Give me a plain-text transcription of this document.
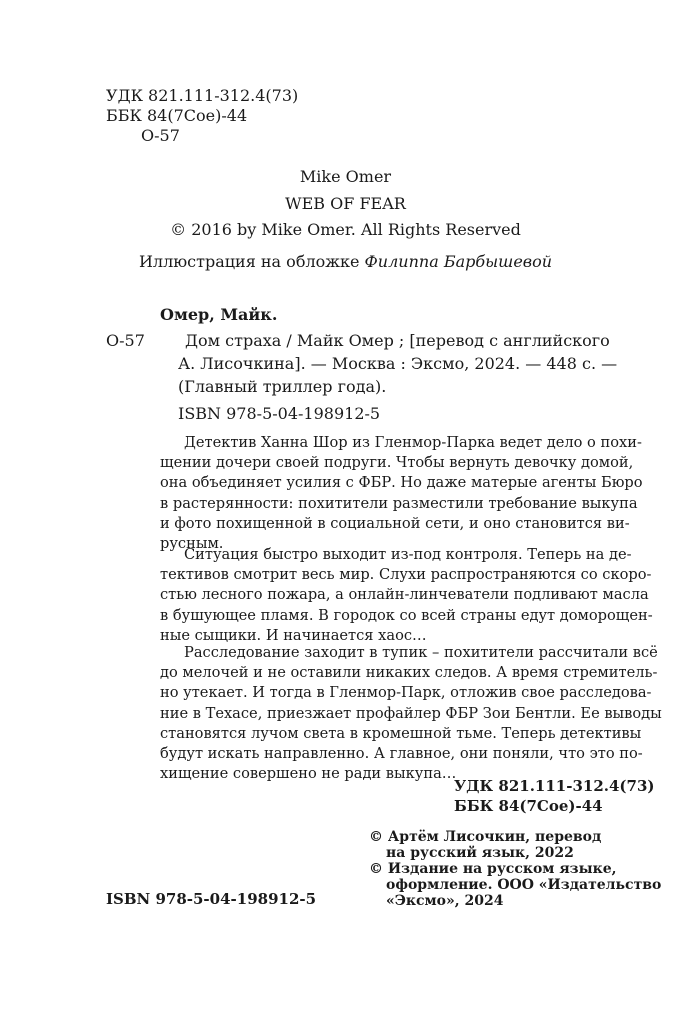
УДК 821.111-312.4(73)
ББК 84(7Сое)-44
О-57
Mike Omer
WEB OF FEAR
© 2016 by Mike Omer. All Rights Reserved
Иллюстрация на обложке Филиппа Барбышевой
Омер, Майк.
О-57	Дом страха / Майк Омер ; [перевод с английского
А. Лисочкина]. — Москва : Эксмо, 2024. — 448 с. —
(Главный триллер года).
ISBN 978-5-04-198912-5
Детектив Ханна Шор из Гленмор-Парка ведет дело о похи-
щении дочери своей подруги. Чтобы вернуть девочку домой,
она объединяет усилия с ФБР. Но даже матерые агенты Бюро
в растерянности: похитители разместили требование выкупа
и фото похищенной в социальной сети, и оно становится ви-
русным.
Ситуация быстро выходит из-под контроля. Теперь на де-
тективов смотрит весь мир. Слухи распространяются со скоро-
стью лесного пожара, а онлайн-линчеватели подливают масла
в бушующее пламя. В городок со всей страны едут доморощен-
ные сыщики. И начинается хаос…
Расследование заходит в тупик – похитители рассчитали всё
до мелочей и не оставили никаких следов. А время стремитель-
но утекает. И тогда в Гленмор-Парк, отложив свое расследова-
ние в Техасе, приезжает профайлер ФБР Зои Бентли. Ее выводы
становятся лучом света в кромешной тьме. Теперь детективы
будут искать направленно. А главное, они поняли, что это по-
хищение совершено не ради выкупа…
УДК 821.111-312.4(73)
ББК 84(7Сое)-44
© Артём Лисочкин, перевод
на русский язык, 2022
© Издание на русском языке,
оформление. ООО «Издательство
«Эксмо», 2024
ISBN 978-5-04-198912-5
